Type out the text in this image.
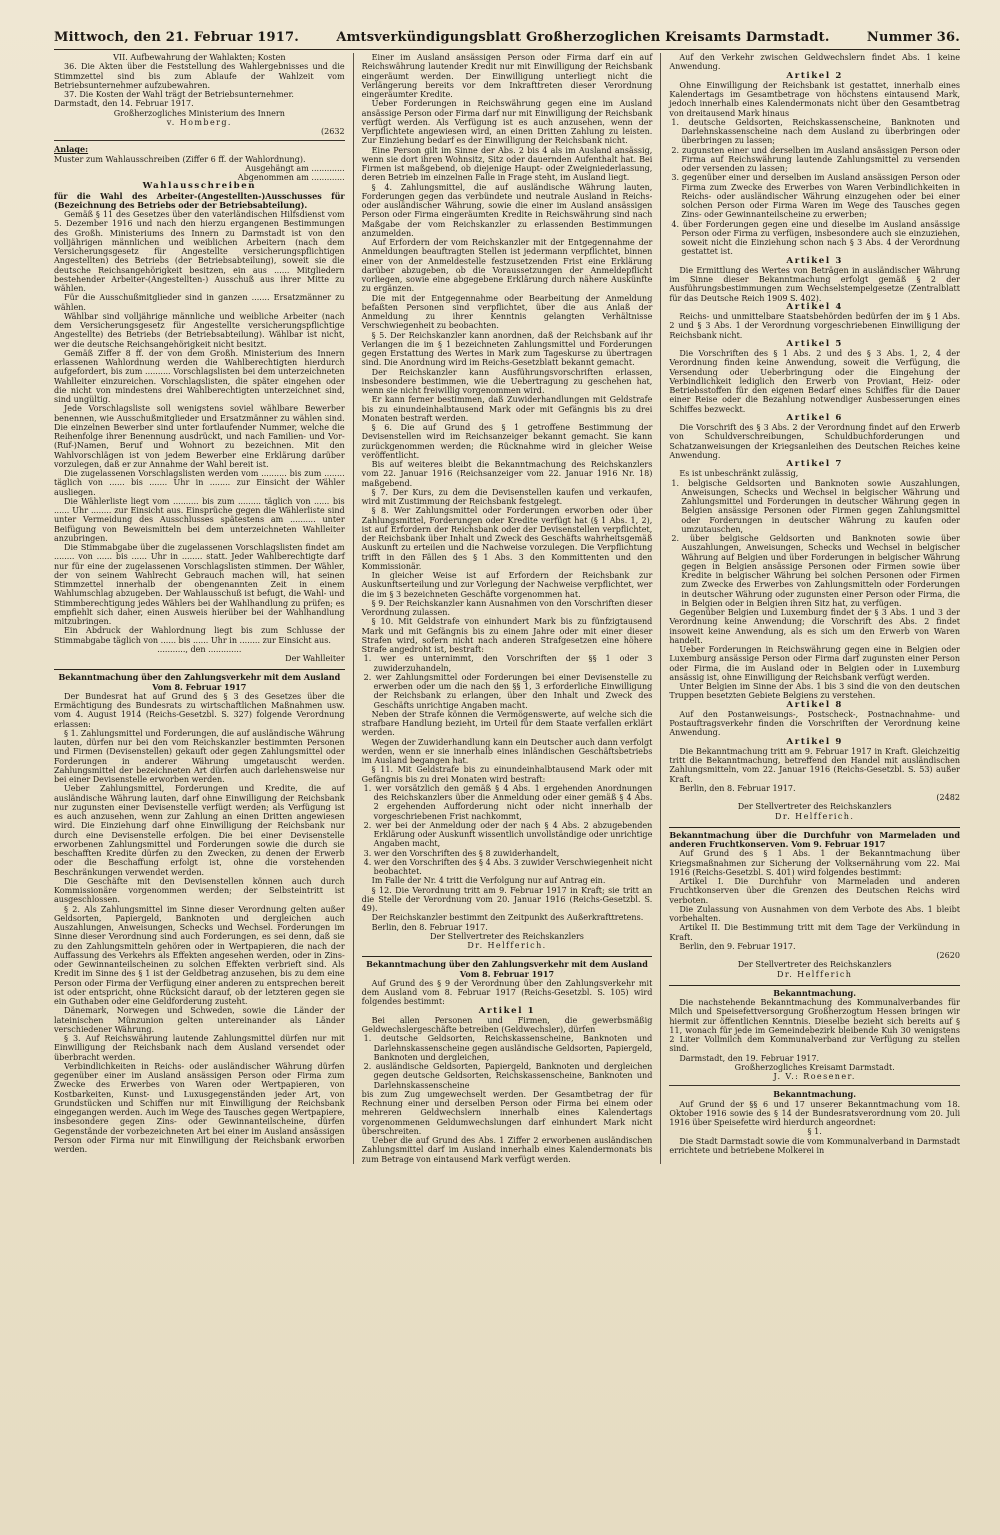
Mittwoch, den 21. Februar 1917.	Amtsverkündigungsblatt Großherzoglichen Kreisamts Darmstadt.	Nummer 36.

VII. Aufbewahrung der Wahlakten; Kosten

36. Die Akten über die Feststellung des Wahlergebnisses und die Stimmzettel sind bis zum Ablaufe der Wahlzeit vom Betriebsunternehmer aufzubewahren.

37. Die Kosten der Wahl trägt der Betriebsunternehmer.

Darmstadt, den 14. Februar 1917.

Großherzogliches Ministerium des Innern

v. Homberg.

(2632

Anlage:

Muster zum Wahlausschreiben (Ziffer 6 ff. der Wahlordnung).

Ausgehängt am .............

Abgenommen am .............

Wahlausschreiben

für die Wahl des Arbeiter-(Angestellten-)Ausschusses für (Bezeichnung des Betriebs oder der Betriebsabteilung).

Gemäß § 11 des Gesetzes über den vaterländischen Hilfsdienst vom 5. Dezember 1916 und nach den hierzu ergangenen Bestimmungen des Großh. Ministeriums des Innern zu Darmstadt ist von den volljährigen männlichen und weiblichen Arbeitern (nach dem Versicherungsgesetz für Angestellte versicherungspflichtigen Angestellten) des Betriebs (der Betriebsabteilung), soweit sie die deutsche Reichsangehörigkeit besitzen, ein aus ...... Mitgliedern bestehender Arbeiter-(Angestellten-) Ausschuß aus ihrer Mitte zu wählen.

Für die Ausschußmitglieder sind in ganzen ....... Ersatzmänner zu wählen.

Wählbar sind volljährige männliche und weibliche Arbeiter (nach dem Versicherungsgesetz für Angestellte versicherungspflichtige Angestellte) des Betriebs (der Betriebsabteilung). Wählbar ist nicht, wer die deutsche Reichsangehörigkeit nicht besitzt.

Gemäß Ziffer 8 ff. der von dem Großh. Ministerium des Innern erlassenen Wahlordnung werden die Wahlberechtigten hierdurch aufgefordert, bis zum .......... Vorschlagslisten bei dem unterzeichneten Wahlleiter einzureichen. Vorschlagslisten, die später eingehen oder die nicht von mindestens drei Wahlberechtigten unterzeichnet sind, sind ungültig.

Jede Vorschlagsliste soll wenigstens soviel wählbare Bewerber benennen, wie Ausschußmitglieder und Ersatzmänner zu wählen sind. Die einzelnen Bewerber sind unter fortlaufender Nummer, welche die Reihenfolge ihrer Benennung ausdrückt, und nach Familien- und Vor-(Ruf-)Namen, Beruf und Wohnort zu bezeichnen. Mit den Wahlvorschlägen ist von jedem Bewerber eine Erklärung darüber vorzulegen, daß er zur Annahme der Wahl bereit ist.

Die zugelassenen Vorschlagslisten werden vom .......... bis zum ........ täglich von ...... bis ....... Uhr in ........ zur Einsicht der Wähler ausliegen.

Die Wählerliste liegt vom .......... bis zum ......... täglich von ...... bis ...... Uhr ........ zur Einsicht aus. Einsprüche gegen die Wählerliste sind unter Vermeidung des Ausschlusses spätestens am .......... unter Beifügung von Beweismitteln bei dem unterzeichneten Wahlleiter anzubringen.

Die Stimmabgabe über die zugelassenen Vorschlagslisten findet am ........ von ...... bis ...... Uhr in ........ statt. Jeder Wahlberechtigte darf nur für eine der zugelassenen Vorschlagslisten stimmen. Der Wähler, der von seinem Wahlrecht Gebrauch machen will, hat seinen Stimmzettel innerhalb der obengenannten Zeit in einem Wahlumschlag abzugeben. Der Wahlausschuß ist befugt, die Wahl- und Stimmberechtigung jedes Wählers bei der Wahlhandlung zu prüfen; es empfiehlt sich daher, einen Ausweis hierüber bei der Wahlhandlung mitzubringen.

Ein Abdruck der Wahlordnung liegt bis zum Schlusse der Stimmabgabe täglich von ...... bis ...... Uhr in ........ zur Einsicht aus.

..........., den .............

Der Wahlleiter

Bekanntmachung über den Zahlungsverkehr mit dem Ausland Vom 8. Februar 1917

Der Bundesrat hat auf Grund des § 3 des Gesetzes über die Ermächtigung des Bundesrats zu wirtschaftlichen Maßnahmen usw. vom 4. August 1914 (Reichs-Gesetzbl. S. 327) folgende Verordnung erlassen:

§ 1. Zahlungsmittel und Forderungen, die auf ausländische Währung lauten, dürfen nur bei den vom Reichskanzler bestimmten Personen und Firmen (Devisenstellen) gekauft oder gegen Zahlungsmittel oder Forderungen in anderer Währung umgetauscht werden. Zahlungsmittel der bezeichneten Art dürfen auch darlehensweise nur bei einer Devisenstelle erworben werden.

Ueber Zahlungsmittel, Forderungen und Kredite, die auf ausländische Währung lauten, darf ohne Einwilligung der Reichsbank nur zugunsten einer Devisenstelle verfügt werden; als Verfügung ist es auch anzusehen, wenn zur Zahlung an einen Dritten angewiesen wird. Die Einziehung darf ohne Einwilligung der Reichsbank nur durch eine Devisenstelle erfolgen. Die bei einer Devisenstelle erworbenen Zahlungsmittel und Forderungen sowie die durch sie beschafften Kredite dürfen zu den Zwecken, zu denen der Erwerb oder die Beschaffung erfolgt ist, ohne die vorstehenden Beschränkungen verwendet werden.

Die Geschäfte mit den Devisenstellen können auch durch Kommissionäre vorgenommen werden; der Selbsteintritt ist ausgeschlossen.

§ 2. Als Zahlungsmittel im Sinne dieser Verordnung gelten außer Geldsorten, Papiergeld, Banknoten und dergleichen auch Auszahlungen, Anweisungen, Schecks und Wechsel. Forderungen im Sinne dieser Verordnung sind auch Forderungen, es sei denn, daß sie zu den Zahlungsmitteln gehören oder in Wertpapieren, die nach der Auffassung des Verkehrs als Effekten angesehen werden, oder in Zins- oder Gewinnanteilscheinen zu solchen Effekten verbrieft sind. Als Kredit im Sinne des § 1 ist der Geldbetrag anzusehen, bis zu dem eine Person oder Firma der Verfügung einer anderen zu entsprechen bereit ist oder entspricht, ohne Rücksicht darauf, ob der letzteren gegen sie ein Guthaben oder eine Geldforderung zusteht.

Dänemark, Norwegen und Schweden, sowie die Länder der lateinischen Münzunion gelten untereinander als Länder verschiedener Währung.

§ 3. Auf Reichswährung lautende Zahlungsmittel dürfen nur mit Einwilligung der Reichsbank nach dem Ausland versendet oder überbracht werden.

Verbindlichkeiten in Reichs- oder ausländischer Währung dürfen gegenüber einer im Ausland ansässigen Person oder Firma zum Zwecke des Erwerbes von Waren oder Wertpapieren, von Kostbarkeiten, Kunst- und Luxusgegenständen jeder Art, von Grundstücken und Schiffen nur mit Einwilligung der Reichsbank eingegangen werden. Auch im Wege des Tausches gegen Wertpapiere, insbesondere gegen Zins- oder Gewinnanteilscheine, dürfen Gegenstände der vorbezeichneten Art bei einer im Ausland ansässigen Person oder Firma nur mit Einwilligung der Reichsbank erworben werden.

Einer im Ausland ansässigen Person oder Firma darf ein auf Reichswährung lautender Kredit nur mit Einwilligung der Reichsbank eingeräumt werden. Der Einwilligung unterliegt nicht die Verlängerung bereits vor dem Inkrafttreten dieser Verordnung eingeräumter Kredite.

Ueber Forderungen in Reichswährung gegen eine im Ausland ansässige Person oder Firma darf nur mit Einwilligung der Reichsbank verfügt werden. Als Verfügung ist es auch anzusehen, wenn der Verpflichtete angewiesen wird, an einen Dritten Zahlung zu leisten. Zur Einziehung bedarf es der Einwilligung der Reichsbank nicht.

Eine Person gilt im Sinne der Abs. 2 bis 4 als im Ausland ansässig, wenn sie dort ihren Wohnsitz, Sitz oder dauernden Aufenthalt hat. Bei Firmen ist maßgebend, ob diejenige Haupt- oder Zweigniederlassung, deren Betrieb im einzelnen Falle in Frage steht, im Ausland liegt.

§ 4. Zahlungsmittel, die auf ausländische Währung lauten, Forderungen gegen das verbündete und neutrale Ausland in Reichs- oder ausländischer Währung, sowie die einer im Ausland ansässigen Person oder Firma eingeräumten Kredite in Reichswährung sind nach Maßgabe der vom Reichskanzler zu erlassenden Bestimmungen anzumelden.

Auf Erfordern der vom Reichskanzler mit der Entgegennahme der Anmeldungen beauftragten Stellen ist jedermann verpflichtet, binnen einer von der Anmeldestelle festzusetzenden Frist eine Erklärung darüber abzugeben, ob die Voraussetzungen der Anmeldepflicht vorliegen, sowie eine abgegebene Erklärung durch nähere Auskünfte zu ergänzen.

Die mit der Entgegennahme oder Bearbeitung der Anmeldung befaßten Personen sind verpflichtet, über die aus Anlaß der Anmeldung zu ihrer Kenntnis gelangten Verhältnisse Verschwiegenheit zu beobachten.

§ 5. Der Reichskanzler kann anordnen, daß der Reichsbank auf ihr Verlangen die im § 1 bezeichneten Zahlungsmittel und Forderungen gegen Erstattung des Wertes in Mark zum Tageskurse zu übertragen sind. Die Anordnung wird im Reichs-Gesetzblatt bekannt gemacht.

Der Reichskanzler kann Ausführungsvorschriften erlassen, insbesondere bestimmen, wie die Uebertragung zu geschehen hat, wenn sie nicht freiwillig vorgenommen wird.

Er kann ferner bestimmen, daß Zuwiderhandlungen mit Geldstrafe bis zu einundeinhalbtausend Mark oder mit Gefängnis bis zu drei Monaten bestraft werden.

§ 6. Die auf Grund des § 1 getroffene Bestimmung der Devisenstellen wird im Reichsanzeiger bekannt gemacht. Sie kann zurückgenommen werden; die Rücknahme wird in gleicher Weise veröffentlicht.

Bis auf weiteres bleibt die Bekanntmachung des Reichskanzlers vom 22. Januar 1916 (Reichsanzeiger vom 22. Januar 1916 Nr. 18) maßgebend.

§ 7. Der Kurs, zu dem die Devisenstellen kaufen und verkaufen, wird mit Zustimmung der Reichsbank festgelegt.

§ 8. Wer Zahlungsmittel oder Forderungen erworben oder über Zahlungsmittel, Forderungen oder Kredite verfügt hat (§ 1 Abs. 1, 2), ist auf Erfordern der Reichsbank oder der Devisenstellen verpflichtet, der Reichsbank über Inhalt und Zweck des Geschäfts wahrheitsgemäß Auskunft zu erteilen und die Nachweise vorzulegen. Die Verpflichtung trifft in den Fällen des § 1 Abs. 3 den Kommittenten und den Kommissionär.

In gleicher Weise ist auf Erfordern der Reichsbank zur Auskunftserteilung und zur Vorlegung der Nachweise verpflichtet, wer die im § 3 bezeichneten Geschäfte vorgenommen hat.

§ 9. Der Reichskanzler kann Ausnahmen von den Vorschriften dieser Verordnung zulassen.

§ 10. Mit Geldstrafe von einhundert Mark bis zu fünfzigtausend Mark und mit Gefängnis bis zu einem Jahre oder mit einer dieser Strafen wird, sofern nicht nach anderen Strafgesetzen eine höhere Strafe angedroht ist, bestraft:

1. wer es unternimmt, den Vorschriften der §§ 1 oder 3 zuwiderzuhandeln,

2. wer Zahlungsmittel oder Forderungen bei einer Devisenstelle zu erwerben oder um die nach den §§ 1, 3 erforderliche Einwilligung der Reichsbank zu erlangen, über den Inhalt und Zweck des Geschäfts unrichtige Angaben macht.

Neben der Strafe können die Vermögenswerte, auf welche sich die strafbare Handlung bezieht, im Urteil für dem Staate verfallen erklärt werden.

Wegen der Zuwiderhandlung kann ein Deutscher auch dann verfolgt werden, wenn er sie innerhalb eines inländischen Geschäftsbetriebs im Ausland begangen hat.

§ 11. Mit Geldstrafe bis zu einundeinhalbtausend Mark oder mit Gefängnis bis zu drei Monaten wird bestraft:

1. wer vorsätzlich den gemäß § 4 Abs. 1 ergehenden Anordnungen des Reichskanzlers über die Anmeldung oder einer gemäß § 4 Abs. 2 ergehenden Aufforderung nicht oder nicht innerhalb der vorgeschriebenen Frist nachkommt,

2. wer bei der Anmeldung oder der nach § 4 Abs. 2 abzugebenden Erklärung oder Auskunft wissentlich unvollständige oder unrichtige Angaben macht,

3. wer den Vorschriften des § 8 zuwiderhandelt,

4. wer den Vorschriften des § 4 Abs. 3 zuwider Verschwiegenheit nicht beobachtet.

Im Falle der Nr. 4 tritt die Verfolgung nur auf Antrag ein.

§ 12. Die Verordnung tritt am 9. Februar 1917 in Kraft; sie tritt an die Stelle der Verordnung vom 20. Januar 1916 (Reichs-Gesetzbl. S. 49).

Der Reichskanzler bestimmt den Zeitpunkt des Außerkrafttretens.

Berlin, den 8. Februar 1917.

Der Stellvertreter des Reichskanzlers

Dr. Helfferich.

Bekanntmachung über den Zahlungsverkehr mit dem Ausland Vom 8. Februar 1917

Auf Grund des § 9 der Verordnung über den Zahlungsverkehr mit dem Ausland vom 8. Februar 1917 (Reichs-Gesetzbl. S. 105) wird folgendes bestimmt:

Artikel 1

Bei allen Personen und Firmen, die gewerbsmäßig Geldwechslergeschäfte betreiben (Geldwechsler), dürfen

1. deutsche Geldsorten, Reichskassenscheine, Banknoten und Darlehnskassenscheine gegen ausländische Geldsorten, Papiergeld, Banknoten und dergleichen,

2. ausländische Geldsorten, Papiergeld, Banknoten und dergleichen gegen deutsche Geldsorten, Reichskassenscheine, Banknoten und Darlehnskassenscheine

bis zum Zug umgewechselt werden. Der Gesamtbetrag der für Rechnung einer und derselben Person oder Firma bei einem oder mehreren Geldwechslern innerhalb eines Kalendertags vorgenommenen Geldumwechslungen darf einhundert Mark nicht überschreiten.

Ueber die auf Grund des Abs. 1 Ziffer 2 erworbenen ausländischen Zahlungsmittel darf im Ausland innerhalb eines Kalendermonats bis zum Betrage von eintausend Mark verfügt werden.

Auf den Verkehr zwischen Geldwechslern findet Abs. 1 keine Anwendung.

Artikel 2

Ohne Einwilligung der Reichsbank ist gestattet, innerhalb eines Kalendertags im Gesamtbetrage von höchstens eintausend Mark, jedoch innerhalb eines Kalendermonats nicht über den Gesamtbetrag von dreitausend Mark hinaus

1. deutsche Geldsorten, Reichskassenscheine, Banknoten und Darlehnskassenscheine nach dem Ausland zu überbringen oder überbringen zu lassen;

2. zugunsten einer und derselben im Ausland ansässigen Person oder Firma auf Reichswährung lautende Zahlungsmittel zu versenden oder versenden zu lassen;

3. gegenüber einer und derselben im Ausland ansässigen Person oder Firma zum Zwecke des Erwerbes von Waren Verbindlichkeiten in Reichs- oder ausländischer Währung einzugehen oder bei einer solchen Person oder Firma Waren im Wege des Tausches gegen Zins- oder Gewinnanteilscheine zu erwerben;

4. über Forderungen gegen eine und dieselbe im Ausland ansässige Person oder Firma zu verfügen, insbesondere auch sie einzuziehen, soweit nicht die Einziehung schon nach § 3 Abs. 4 der Verordnung gestattet ist.

Artikel 3

Die Ermittlung des Wertes von Beträgen in ausländischer Währung im Sinne dieser Bekanntmachung erfolgt gemäß § 2 der Ausführungsbestimmungen zum Wechselstempelgesetze (Zentralblatt für das Deutsche Reich 1909 S. 402).

Artikel 4

Reichs- und unmittelbare Staatsbehörden bedürfen der im § 1 Abs. 2 und § 3 Abs. 1 der Verordnung vorgeschriebenen Einwilligung der Reichsbank nicht.

Artikel 5

Die Vorschriften des § 1 Abs. 2 und des § 3 Abs. 1, 2, 4 der Verordnung finden keine Anwendung, soweit die Verfügung, die Versendung oder Ueberbringung oder die Eingehung der Verbindlichkeit lediglich den Erwerb von Proviant, Heiz- oder Betriebsstoffen für den eigenen Bedarf eines Schiffes für die Dauer einer Reise oder die Bezahlung notwendiger Ausbesserungen eines Schiffes bezweckt.

Artikel 6

Die Vorschrift des § 3 Abs. 2 der Verordnung findet auf den Erwerb von Schuldverschreibungen, Schuldbuchforderungen und Schatzanweisungen der Kriegsanleihen des Deutschen Reiches keine Anwendung.

Artikel 7

Es ist unbeschränkt zulässig,

1. belgische Geldsorten und Banknoten sowie Auszahlungen, Anweisungen, Schecks und Wechsel in belgischer Währung und Zahlungsmittel und Forderungen in deutscher Währung gegen in Belgien ansässige Personen oder Firmen gegen Zahlungsmittel oder Forderungen in deutscher Währung zu kaufen oder umzutauschen,

2. über belgische Geldsorten und Banknoten sowie über Auszahlungen, Anweisungen, Schecks und Wechsel in belgischer Währung auf Belgien und über Forderungen in belgischer Währung gegen in Belgien ansässige Personen oder Firmen sowie über Kredite in belgischer Währung bei solchen Personen oder Firmen zum Zwecke des Erwerbes von Zahlungsmitteln oder Forderungen in deutscher Währung oder zugunsten einer Person oder Firma, die in Belgien oder in Belgien ihren Sitz hat, zu verfügen.

Gegenüber Belgien und Luxemburg findet der § 3 Abs. 1 und 3 der Verordnung keine Anwendung; die Vorschrift des Abs. 2 findet insoweit keine Anwendung, als es sich um den Erwerb von Waren handelt.

Ueber Forderungen in Reichswährung gegen eine in Belgien oder Luxemburg ansässige Person oder Firma darf zugunsten einer Person oder Firma, die im Ausland oder in Belgien oder in Luxemburg ansässig ist, ohne Einwilligung der Reichsbank verfügt werden.

Unter Belgien im Sinne der Abs. 1 bis 3 sind die von den deutschen Truppen besetzten Gebiete Belgiens zu verstehen.

Artikel 8

Auf den Postanweisungs-, Postscheck-, Postnachnahme- und Postauftragsverkehr finden die Vorschriften der Verordnung keine Anwendung.

Artikel 9

Die Bekanntmachung tritt am 9. Februar 1917 in Kraft. Gleichzeitig tritt die Bekanntmachung, betreffend den Handel mit ausländischen Zahlungsmitteln, vom 22. Januar 1916 (Reichs-Gesetzbl. S. 53) außer Kraft.

Berlin, den 8. Februar 1917.

(2482

Der Stellvertreter des Reichskanzlers

Dr. Helfferich.

Bekanntmachung über die Durchfuhr von Marmeladen und anderen Fruchtkonserven. Vom 9. Februar 1917

Auf Grund des § 1 Abs. 1 der Bekanntmachung über Kriegsmaßnahmen zur Sicherung der Volksernährung vom 22. Mai 1916 (Reichs-Gesetzbl. S. 401) wird folgendes bestimmt:

Artikel I. Die Durchfuhr von Marmeladen und anderen Fruchtkonserven über die Grenzen des Deutschen Reichs wird verboten.

Die Zulassung von Ausnahmen von dem Verbote des Abs. 1 bleibt vorbehalten.

Artikel II. Die Bestimmung tritt mit dem Tage der Verkündung in Kraft.

Berlin, den 9. Februar 1917.

(2620

Der Stellvertreter des Reichskanzlers

Dr. Helfferich

Bekanntmachung.

Die nachstehende Bekanntmachung des Kommunalverbandes für Milch und Speisefettversorgung Großherzogtum Hessen bringen wir hiermit zur öffentlichen Kenntnis. Dieselbe bezieht sich bereits auf § 11, wonach für jede im Gemeindebezirk bleibende Kuh 30 wenigstens 2 Liter Vollmilch dem Kommunalverband zur Verfügung zu stellen sind.

Darmstadt, den 19. Februar 1917.

Großherzogliches Kreisamt Darmstadt.

J. V.: Roesener.

Bekanntmachung.

Auf Grund der §§ 6 und 17 unserer Bekanntmachung vom 18. Oktober 1916 sowie des § 14 der Bundesratsverordnung vom 20. Juli 1916 über Speisefette wird hierdurch angeordnet:

§ 1.

Die Stadt Darmstadt sowie die vom Kommunalverband in Darmstadt errichtete und betriebene Molkerei in
